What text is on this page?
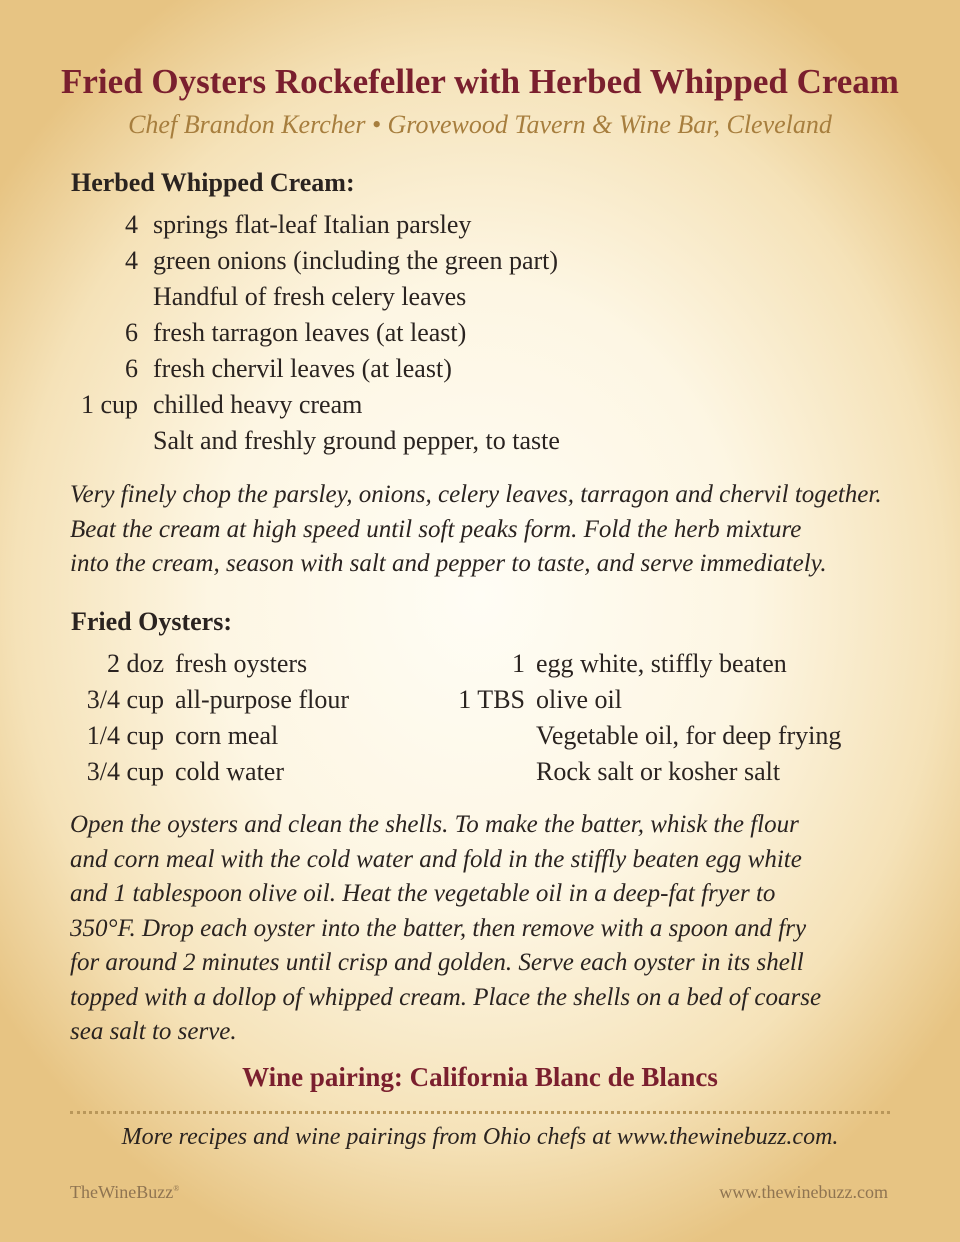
Fried Oysters Rockefeller with Herbed Whipped Cream

Chef Brandon Kercher • Grovewood Tavern & Wine Bar, Cleveland

Herbed Whipped Cream:
4 springs flat-leaf Italian parsley
4 green onions (including the green part)
Handful of fresh celery leaves
6 fresh tarragon leaves (at least)
6 fresh chervil leaves (at least)
1 cup chilled heavy cream
Salt and freshly ground pepper, to taste

Very finely chop the parsley, onions, celery leaves, tarragon and chervil together.
Beat the cream at high speed until soft peaks form. Fold the herb mixture
into the cream, season with salt and pepper to taste, and serve immediately.

Fried Oysters:
2 doz fresh oysters
3/4 cup all-purpose flour
1/4 cup corn meal
3/4 cup cold water
1 egg white, stiffly beaten
1 TBS olive oil
Vegetable oil, for deep frying
Rock salt or kosher salt

Open the oysters and clean the shells. To make the batter, whisk the flour
and corn meal with the cold water and fold in the stiffly beaten egg white
and 1 tablespoon olive oil. Heat the vegetable oil in a deep-fat fryer to
350°F. Drop each oyster into the batter, then remove with a spoon and fry
for around 2 minutes until crisp and golden. Serve each oyster in its shell
topped with a dollop of whipped cream. Place the shells on a bed of coarse
sea salt to serve.

Wine pairing: California Blanc de Blancs

More recipes and wine pairings from Ohio chefs at www.thewinebuzz.com.

TheWineBuzz®	www.thewinebuzz.com
